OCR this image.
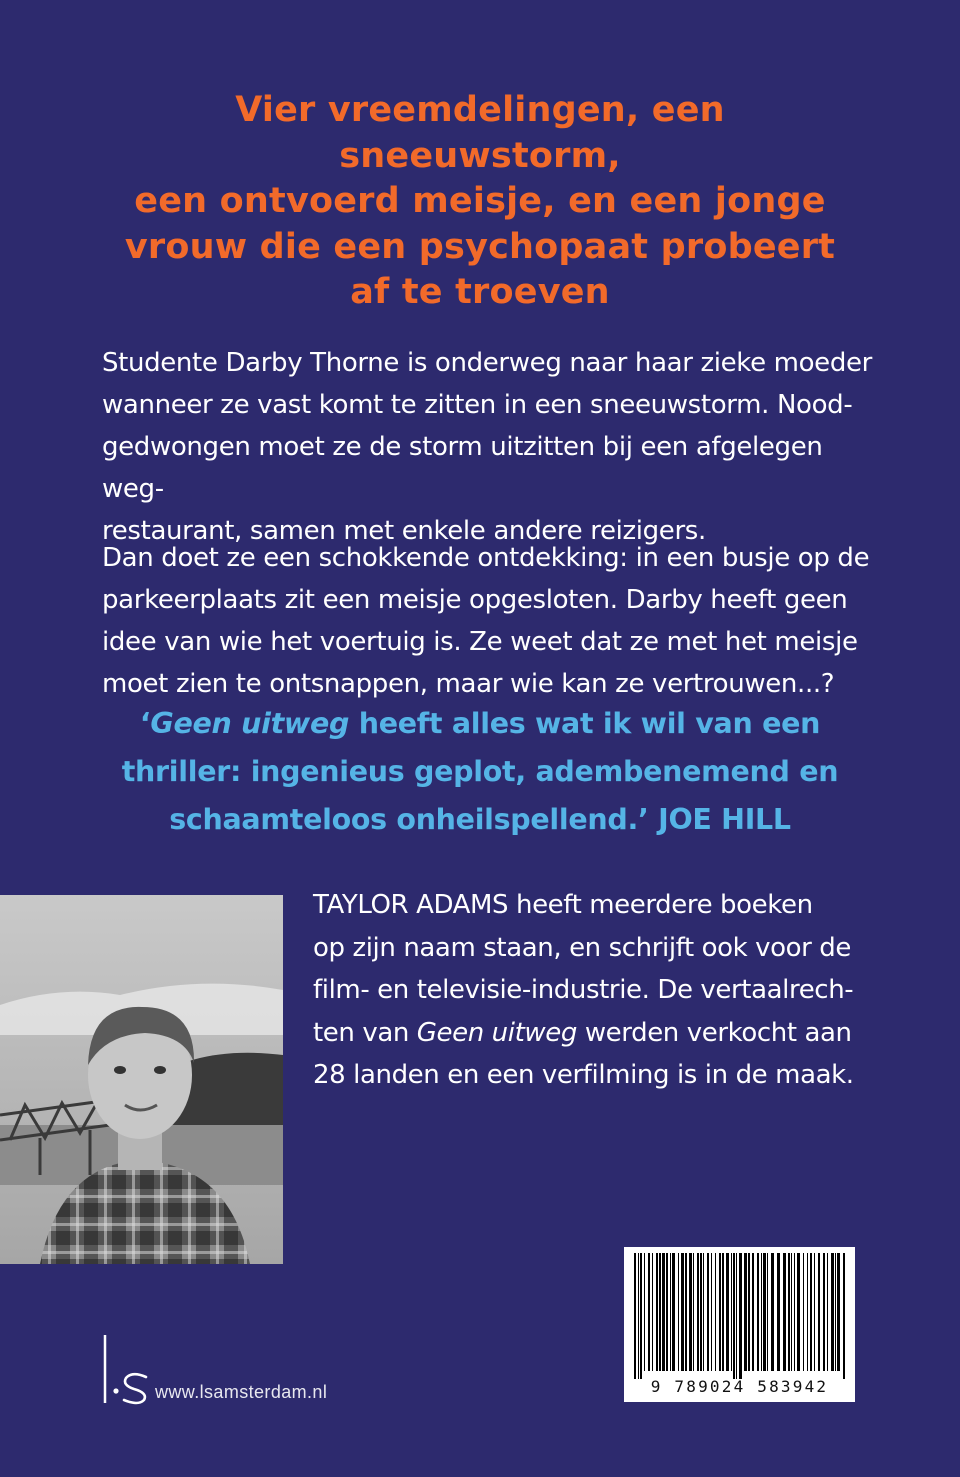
Vier vreemdelingen, een sneeuwstorm,
een ontvoerd meisje, en een jonge
vrouw die een psychopaat probeert
af te troeven
Studente Darby Thorne is onderweg naar haar zieke moeder
wanneer ze vast komt te zitten in een sneeuwstorm. Nood-
gedwongen moet ze de storm uitzitten bij een afgelegen weg-
restaurant, samen met enkele andere reizigers.
Dan doet ze een schokkende ontdekking: in een busje op de
parkeerplaats zit een meisje opgesloten. Darby heeft geen
idee van wie het voertuig is. Ze weet dat ze met het meisje
moet zien te ontsnappen, maar wie kan ze vertrouwen...?
‘Geen uitweg heeft alles wat ik wil van een
thriller: ingenieus geplot, adembenemend en
schaamteloos onheilspellend.’ JOE HILL
TAYLOR ADAMS heeft meerdere boeken
op zijn naam staan, en schrijft ook voor de
film- en televisie-industrie. De vertaalrech-
ten van Geen uitweg werden verkocht aan
28 landen en een verfilming is in de maak.
9 789024 583942
www.lsamsterdam.nl
